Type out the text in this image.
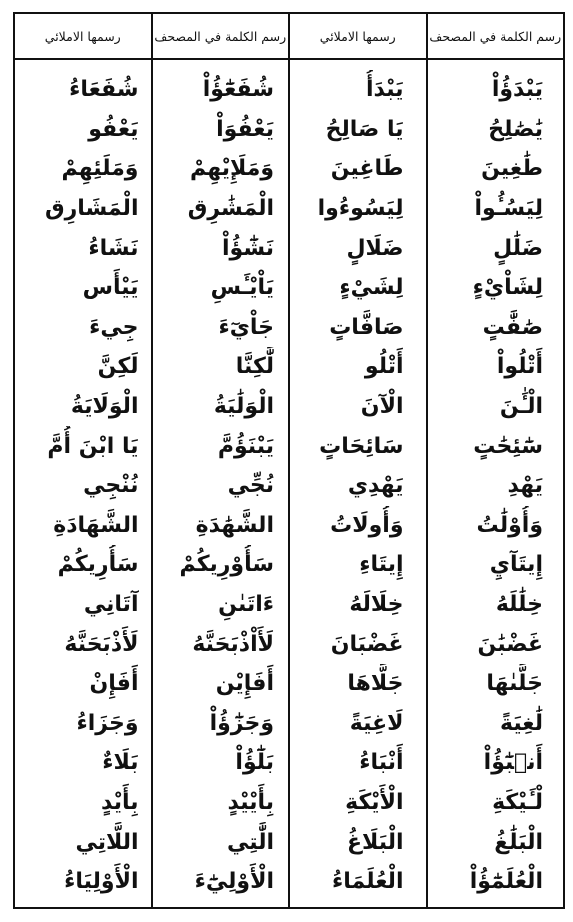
رسمها الاملائي
شُفَعَاءُ
يَعْفُو
وَمَلَئِهِمْ
الْمَشَارِق
نَشَاءُ
يَيْأَس
جِيءَ
لَكِنَّ
الْوَلَايَةُ
يَا ابْنَ أُمَّ
نُنْجِي
الشَّهَادَةِ
سَأُرِيكُمْ
آتَانِي
لَأَذْبَحَنَّهُ
أَفَإِنْ
وَجَزَاءُ
بَلَاءٌ
بِأَيْدٍ
اللَّاتِي
الْأَوْلِيَاءُ
رسم الكلمة في المصحف
شُفَعَٰٓؤُاْ
يَعْفُوَاْ
وَمَلَإِيْهِمْ
الْمَشَٰرِق
نَشَٰٓؤُاْ
يَاْيْـَٔسِ
جَاْيٓءَ
لَّٰكِنَّا
الْوَلَٰيَةُ
يَبْنَؤُمَّ
نُجِّي
الشَّهَٰدَةِ
سَأُوْرِيكُمْ
ءَاتَىٰنِ
لَأَاْذْبَحَنَّهُ
أَفَإِيْن
وَجَزَٰٓؤُاْ
بَلَٰٓؤُاْ
بِأَيْيْدٍ
الَّٰتِي
الْأَوْلِيَٰٓءَ
رسمها الاملائي
يَبْدَأُ
يَا صَالِحُ
طَاغِينَ
لِيَسُوءُوا
ضَلَالٍ
لِشَيْءٍ
صَافَّاتٍ
أَتْلُو
الْآنَ
سَائِحَاتٍ
يَهْدِي
وَأُولَاتُ
إِيتَاءِ
خِلَالَهُ
غَضْبَانَ
جَلَّاهَا
لَاغِيَةً
أَنْبَاءُ
الْأَيْكَةِ
الْبَلَاغُ
الْعُلَمَاءُ
رسم الكلمة في المصحف
يَبْدَؤُاْ
يَٰصَٰلِحُ
طَٰغِينَ
لِيَسُـُٔواْ
ضَلَٰلٍ
لِشَاْيْءٍ
صَٰفَّٰتٍ
أَتْلُواْ
الْـَٰٔنَ
سَٰٓئِحَٰتٍ
يَهْدِ
وَأُوْلَٰتُ
إِيتَآيِ
خِلَٰلَهُ
غَضْبَٰنَ
جَلَّىٰهَا
لَٰغِيَةً
أَنۢبَٰٓؤُاْ
لْـَٔيْكَةِ
الْبَلَٰغُ
الْعُلَمَٰٓؤُاْ
